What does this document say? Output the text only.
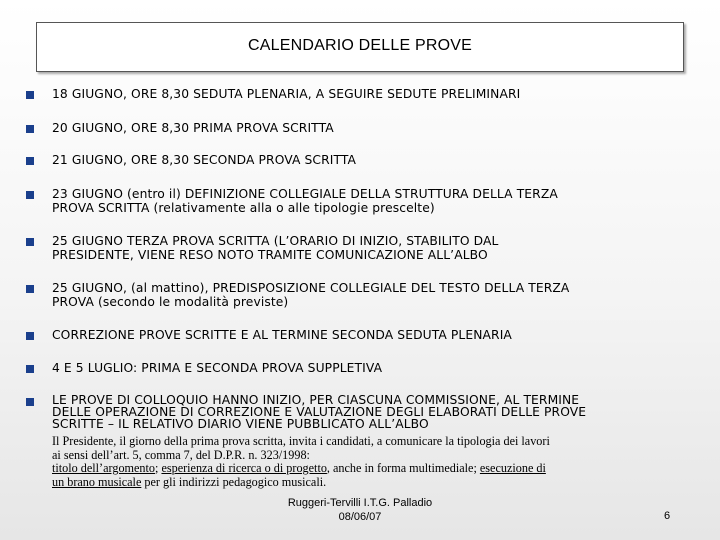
CALENDARIO DELLE PROVE
18 GIUGNO, ORE 8,30 SEDUTA PLENARIA, A SEGUIRE SEDUTE PRELIMINARI
20 GIUGNO, ORE 8,30 PRIMA PROVA SCRITTA
21 GIUGNO, ORE 8,30 SECONDA PROVA SCRITTA
23 GIUGNO (entro il) DEFINIZIONE COLLEGIALE DELLA STRUTTURA DELLA TERZA
PROVA SCRITTA (relativamente alla o alle tipologie prescelte)
25 GIUGNO TERZA PROVA SCRITTA (L’ORARIO DI INIZIO, STABILITO DAL
PRESIDENTE, VIENE RESO NOTO TRAMITE COMUNICAZIONE ALL’ALBO
25 GIUGNO, (al mattino), PREDISPOSIZIONE COLLEGIALE DEL TESTO DELLA TERZA
PROVA (secondo le modalità previste)
CORREZIONE PROVE SCRITTE E AL TERMINE SECONDA SEDUTA PLENARIA
4 E 5 LUGLIO: PRIMA E SECONDA PROVA SUPPLETIVA
LE PROVE DI COLLOQUIO HANNO INIZIO, PER CIASCUNA COMMISSIONE, AL TERMINE
DELLE OPERAZIONE DI CORREZIONE E VALUTAZIONE DEGLI ELABORATI DELLE PROVE
SCRITTE – IL RELATIVO DIARIO VIENE PUBBLICATO ALL’ALBO
Il Presidente, il giorno della prima prova scritta, invita i candidati, a comunicare la tipologia dei lavori
ai sensi dell’art. 5, comma 7, del D.P.R. n. 323/1998:
titolo dell’argomento; esperienza di ricerca o di progetto, anche in forma multimediale; esecuzione di
un brano musicale per gli indirizzi pedagogico musicali.
Ruggeri-Tervilli I.T.G. Palladio
08/06/07	6
